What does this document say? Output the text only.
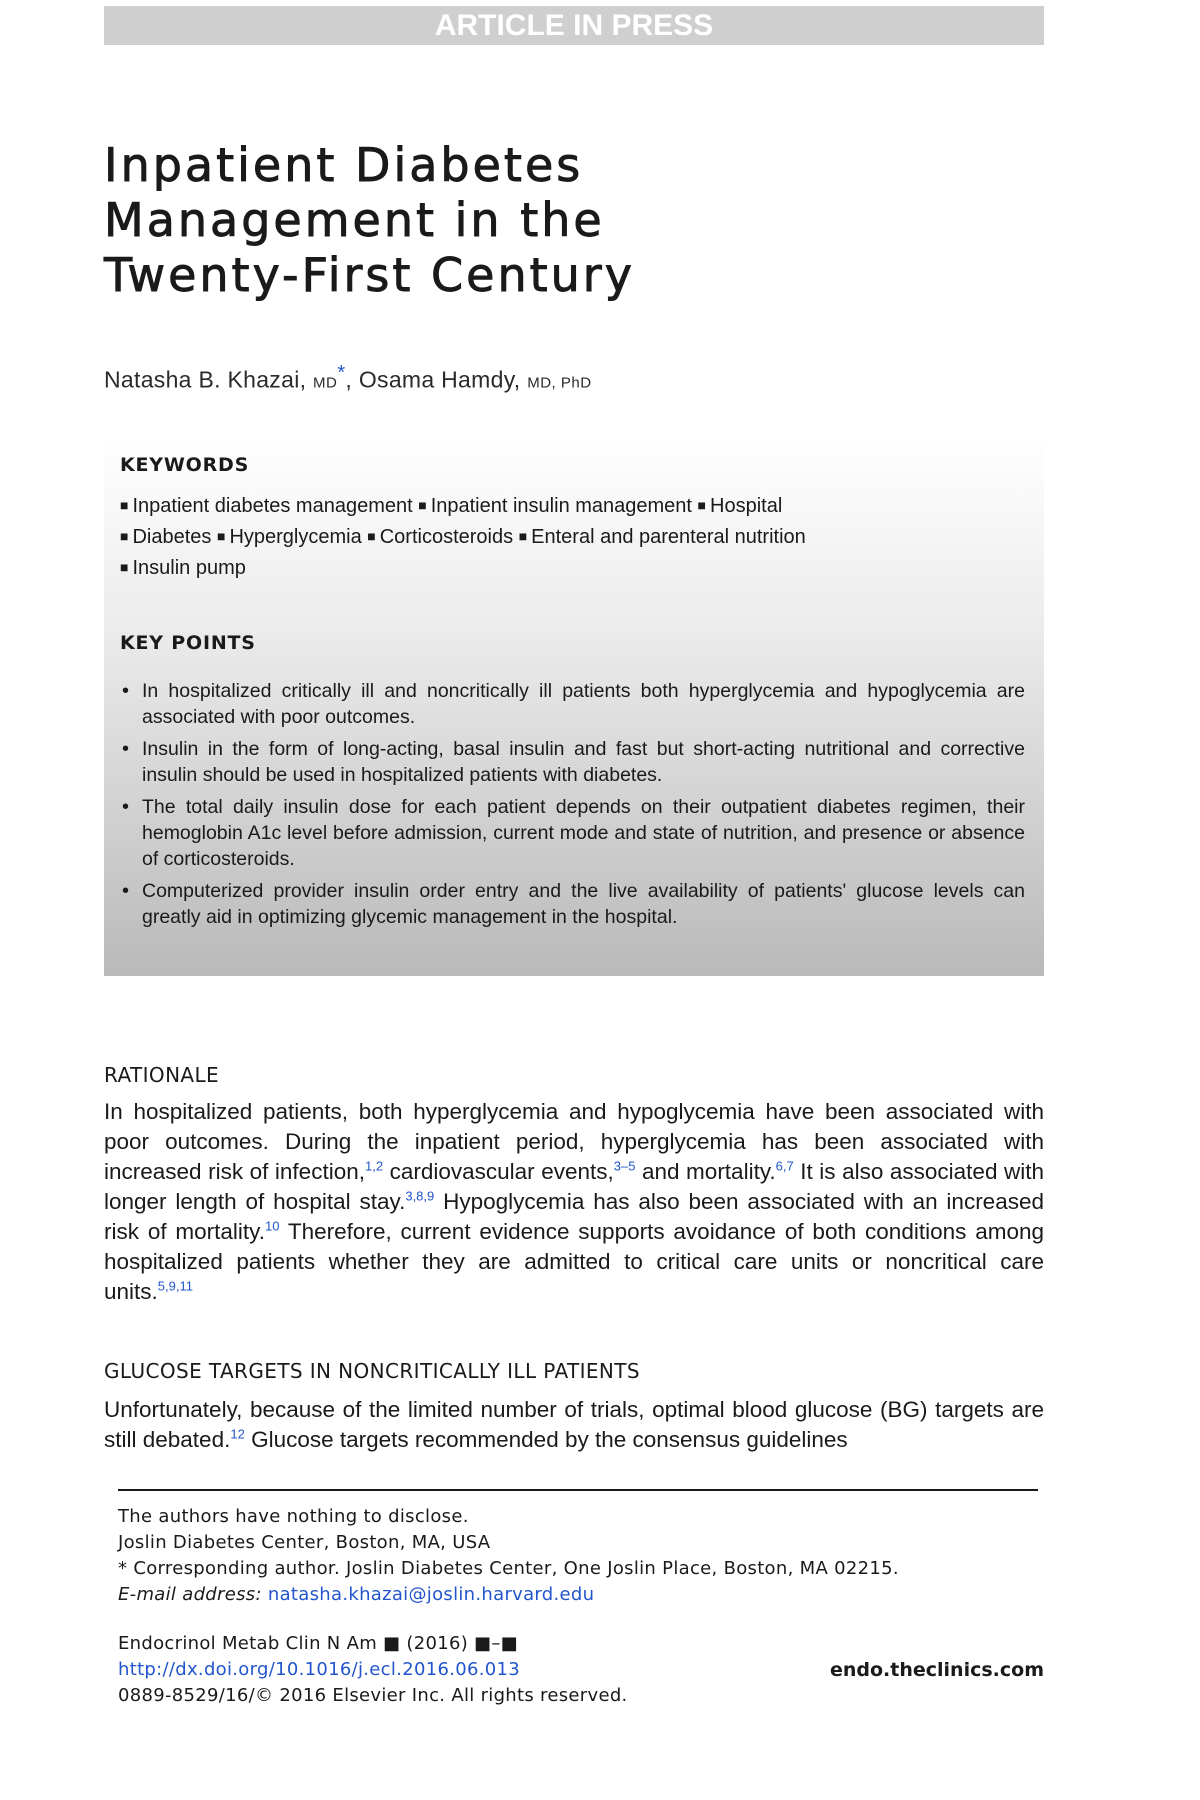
ARTICLE IN PRESS
Inpatient Diabetes
Management in the
Twenty-First Century
Natasha B. Khazai, MD*, Osama Hamdy, MD, PhD
KEYWORDS
■ Inpatient diabetes management ■ Inpatient insulin management ■ Hospital
■ Diabetes ■ Hyperglycemia ■ Corticosteroids ■ Enteral and parenteral nutrition
■ Insulin pump
KEY POINTS
• In hospitalized critically ill and noncritically ill patients both hyperglycemia and hypoglycemia are associated with poor outcomes.
• Insulin in the form of long-acting, basal insulin and fast but short-acting nutritional and corrective insulin should be used in hospitalized patients with diabetes.
• The total daily insulin dose for each patient depends on their outpatient diabetes regimen, their hemoglobin A1c level before admission, current mode and state of nutrition, and presence or absence of corticosteroids.
• Computerized provider insulin order entry and the live availability of patients' glucose levels can greatly aid in optimizing glycemic management in the hospital.
RATIONALE

In hospitalized patients, both hyperglycemia and hypoglycemia have been associated with poor outcomes. During the inpatient period, hyperglycemia has been associated with increased risk of infection,$^{1,2}$ cardiovascular events,$^{3-5}$ and mortality.$^{6,7}$ It is also associated with longer length of hospital stay.$^{3,8,9}$ Hypoglycemia has also been associated with an increased risk of mortality.$^{10}$ Therefore, current evidence supports avoidance of both conditions among hospitalized patients whether they are admitted to critical care units or noncritical care units.$^{5,9,11}$

GLUCOSE TARGETS IN NONCRITICALLY ILL PATIENTS

Unfortunately, because of the limited number of trials, optimal blood glucose (BG) targets are still debated.$^{12}$ Glucose targets recommended by the consensus guidelines

The authors have nothing to disclose.
Joslin Diabetes Center, Boston, MA, USA
* Corresponding author. Joslin Diabetes Center, One Joslin Place, Boston, MA 02215.
E-mail address: natasha.khazai@joslin.harvard.edu
Endocrinol Metab Clin N Am ■ (2016) ■–■
http://dx.doi.org/10.1016/j.ecl.2016.06.013
0889-8529/16/© 2016 Elsevier Inc. All rights reserved.
endo.theclinics.com
